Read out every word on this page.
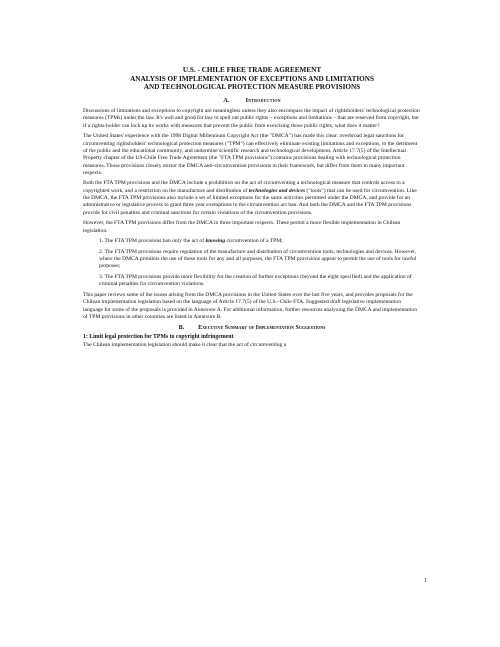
U.S. - CHILE FREE TRADE AGREEMENT
ANALYSIS OF IMPLEMENTATION OF EXCEPTIONS AND LIMITATIONS
AND TECHNOLOGICAL PROTECTION MEASURE PROVISIONS
A.	Introduction

Discussions of limitations and exceptions to copyright are meaningless unless they also encompass the impact of rightsholders' technological protection measures (TPMs) under the law. It's well and good for law to spell out public rights – exceptions and limitations – that are reserved from copyright, but if a rights-holder can lock up its works with measures that prevent the public from exercising those public rights, what does it matter?

The United States' experience with the 1998 Digital Millennium Copyright Act (the "DMCA") has made this clear: overbroad legal sanctions for circumventing rightsholders' technological protection measures ("TPM") can effectively eliminate existing limitations and exceptions, to the detriment of the public and the educational community, and undermine scientific research and technological development. Article 17.7(5) of the Intellectual Property chapter of the US-Chile Free Trade Agreement (the "FTA TPM provisions") contains provisions dealing with technological protection measures. Those provisions closely mirror the DMCA anti-circumvention provisions in their framework, but differ from them in many important respects.

Both the FTA TPM provisions and the DMCA include a prohibition on the act of circumventing a technological measure that controls access to a copyrighted work, and a restriction on the manufacture and distribution of technologies and devices ("tools") that can be used for circumvention. Like the DMCA, the FTA TPM provisions also include a set of limited exceptions for the same activities permitted under the DMCA, and provide for an administrative or legislative process to grant three year exemptions to the circumvention act ban. And both the DMCA and the FTA TPM provisions provide for civil penalties and criminal sanctions for certain violations of the circumvention provisions.

However, the FTA TPM provisions differ from the DMCA in three important respects. These permit a more flexible implementation in Chilean legislation.

1. The FTA TPM provisions ban only the act of knowing circumvention of a TPM;

2. The FTA TPM provisions require regulation of the manufacture and distribution of circumvention tools, technologies and devices. However, where the DMCA prohibits the use of these tools for any and all purposes, the FTA TPM provisions appear to permit the use of tools for lawful purposes;

3. The FTA TPM provisions provide more flexibility for the creation of further exceptions (beyond the eight specified) and the application of criminal penalties for circumvention violations.

This paper reviews some of the issues arising from the DMCA provisions in the United States over the last five years, and provides proposals for the Chilean implementation legislation based on the language of Article 17.7(5) of the U.S.–Chile FTA. Suggested draft legislative implementation language for some of the proposals is provided in Annexure A. For additional information, further resources analyzing the DMCA and implementation of TPM provisions in other countries are listed in Annexure B.

B. Executive Summary of Implementation Suggestions
1: Limit legal protection for TPMs to copyright infringement

The Chilean implementation legislation should make it clear that the act of circumventing a

1
